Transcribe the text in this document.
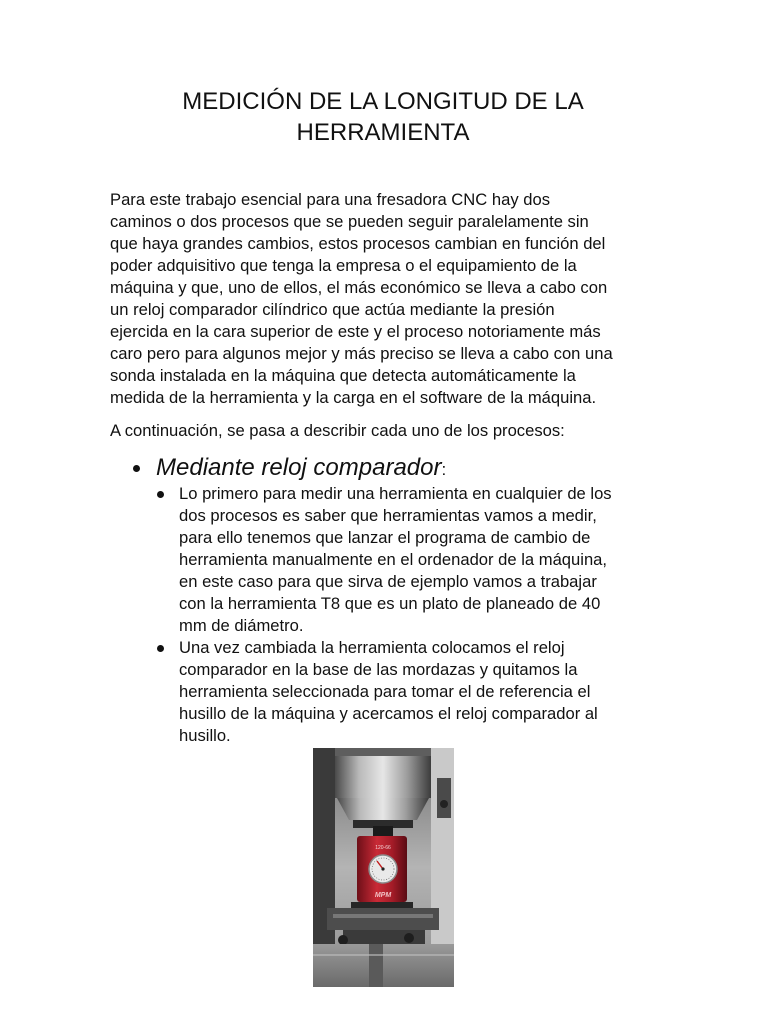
MEDICIÓN DE LA LONGITUD DE LA
HERRAMIENTA

Para este trabajo esencial para una fresadora CNC hay dos
caminos o dos procesos que se pueden seguir paralelamente sin
que haya grandes cambios, estos procesos cambian en función del
poder adquisitivo que tenga la empresa o el equipamiento de la
máquina y que, uno de ellos, el más económico se lleva a cabo con
un reloj comparador cilíndrico que actúa mediante la presión
ejercida en la cara superior de este y el proceso notoriamente más
caro pero para algunos mejor y más preciso se lleva a cabo con una
sonda instalada en la máquina que detecta automáticamente la
medida de la herramienta y la carga en el software de la máquina.

A continuación, se pasa a describir cada uno de los procesos:

Mediante reloj comparador:
Lo primero para medir una herramienta en cualquier de los
dos procesos es saber que herramientas vamos a medir,
para ello tenemos que lanzar el programa de cambio de
herramienta manualmente en el ordenador de la máquina,
en este caso para que sirva de ejemplo vamos a trabajar
con la herramienta T8 que es un plato de planeado de 40
mm de diámetro.
Una vez cambiada la herramienta colocamos el reloj
comparador en la base de las mordazas y quitamos la
herramienta seleccionada para tomar el de referencia el
husillo de la máquina y acercamos el reloj comparador al
husillo.
120-66
MPM
